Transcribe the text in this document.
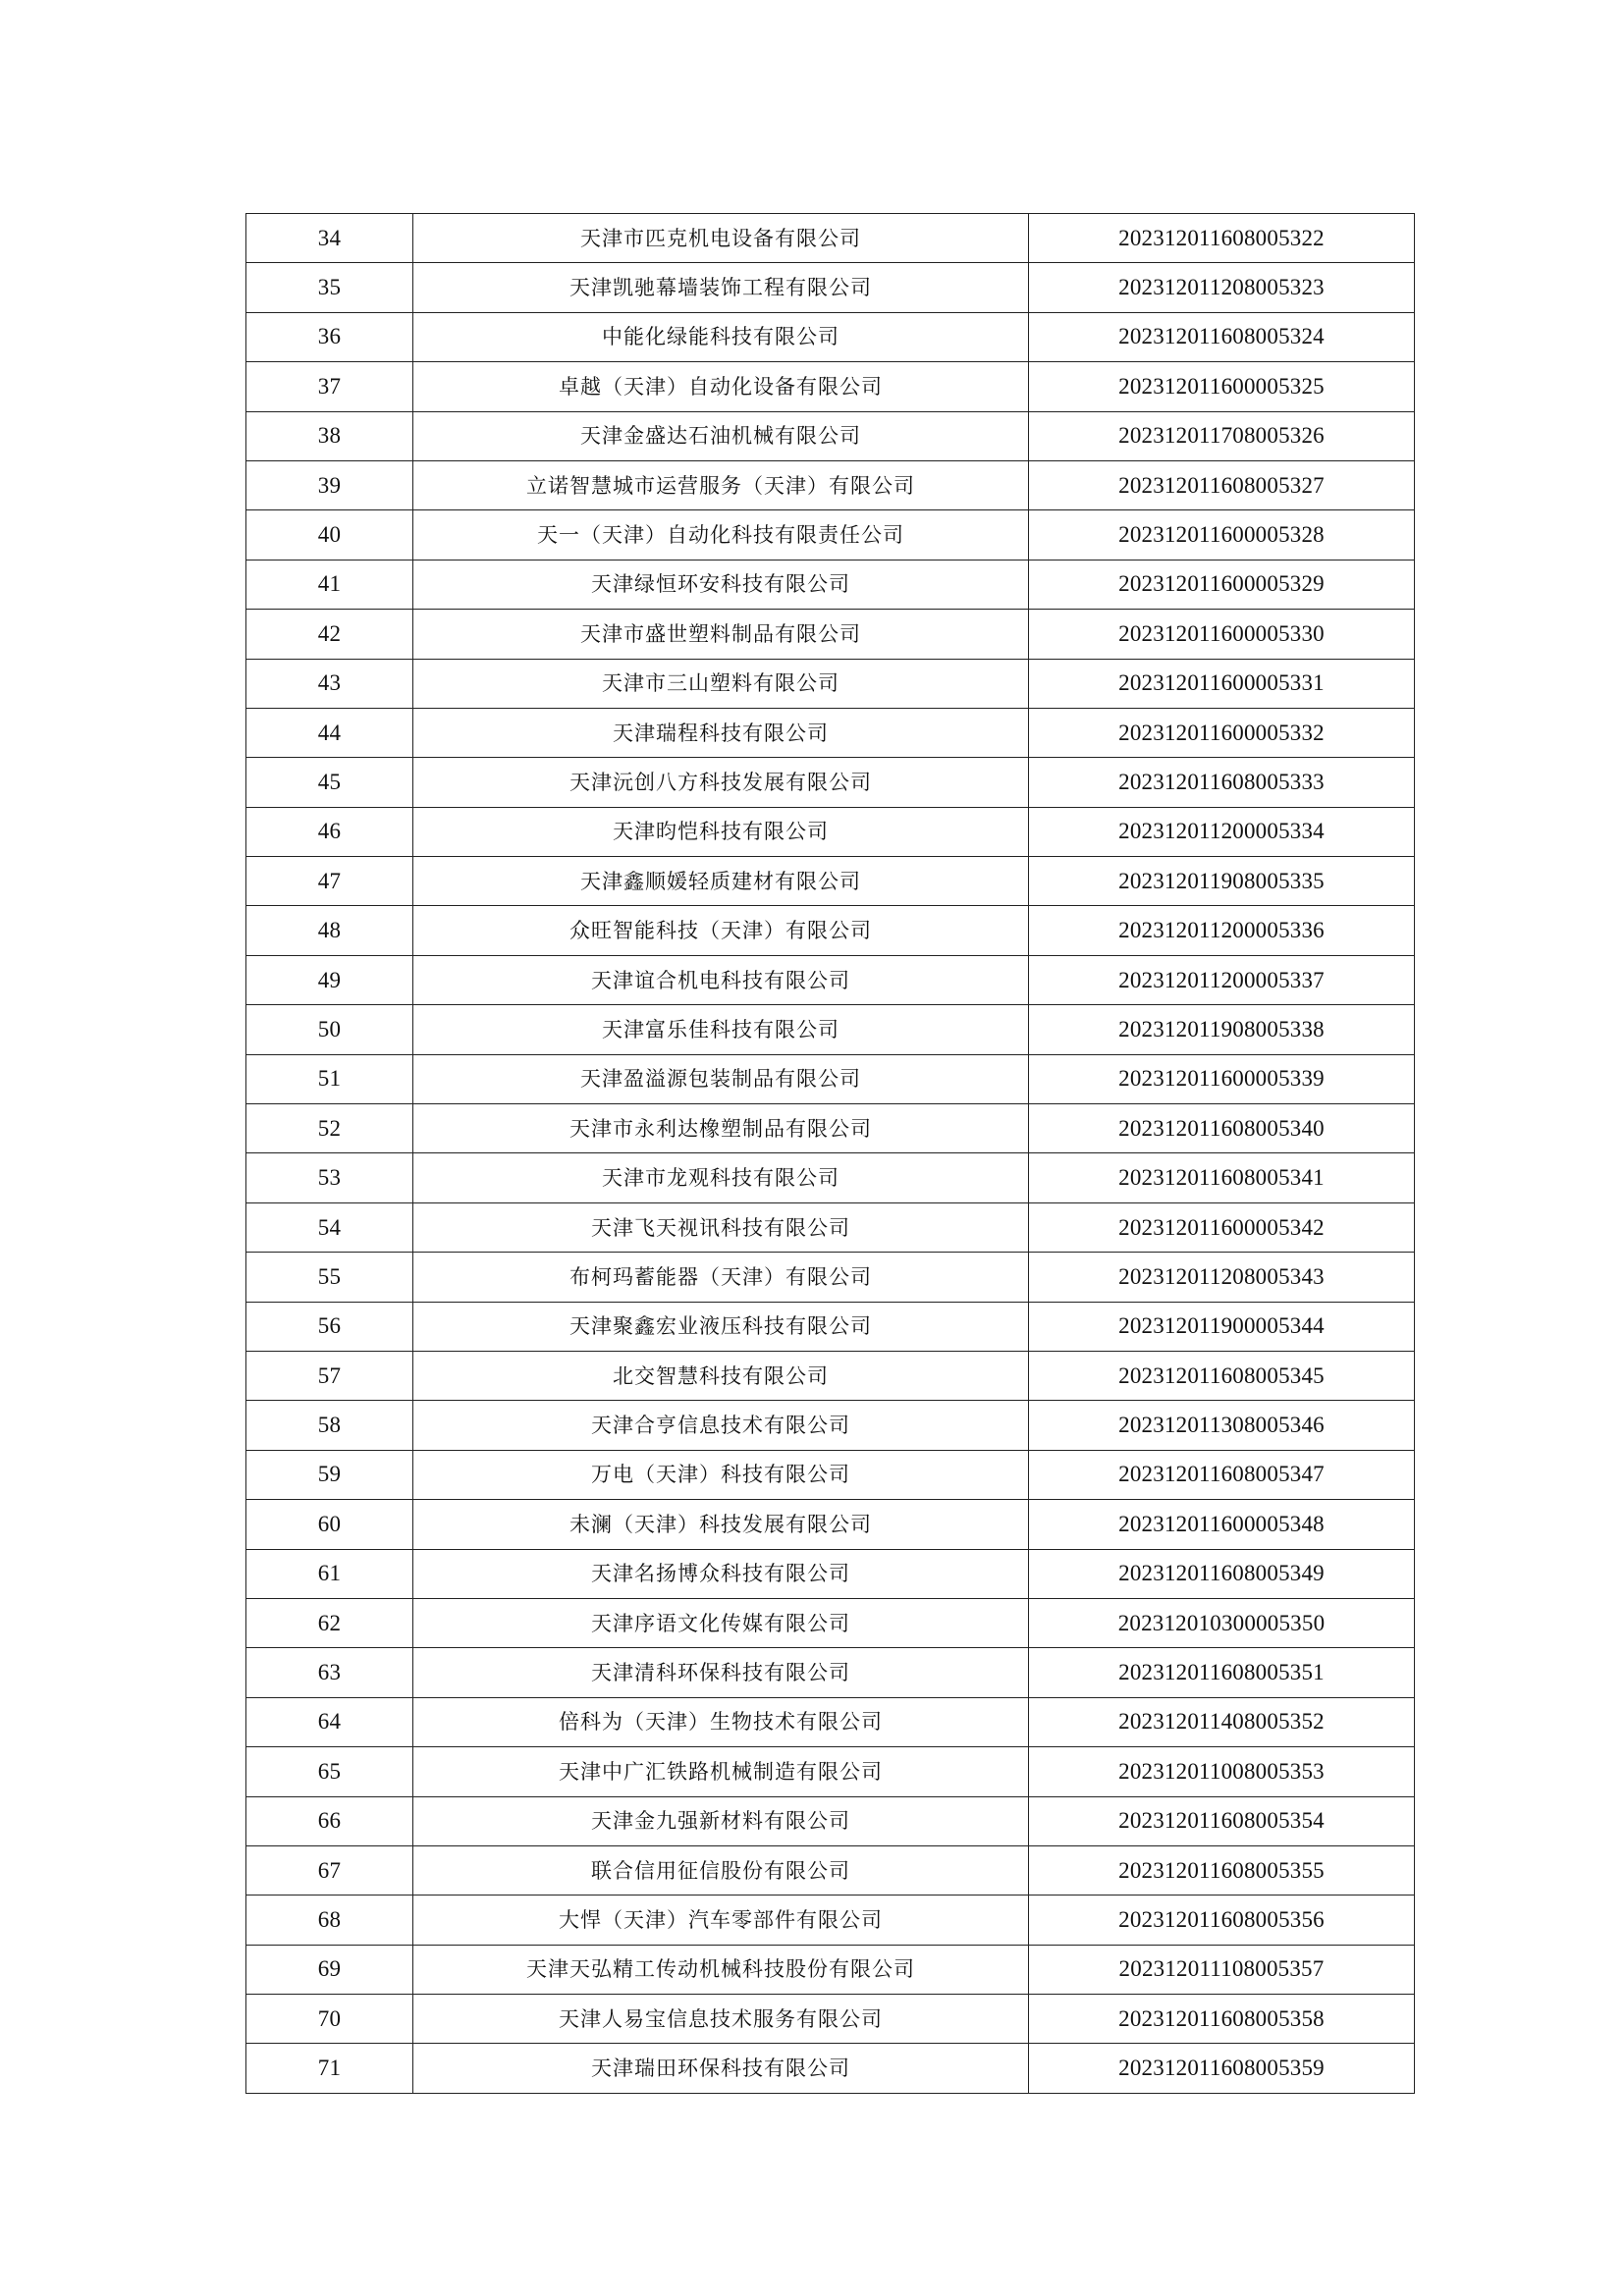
34	天津市匹克机电设备有限公司	202312011608005322
35	天津凯驰幕墙装饰工程有限公司	202312011208005323
36	中能化绿能科技有限公司	202312011608005324
37	卓越（天津）自动化设备有限公司	202312011600005325
38	天津金盛达石油机械有限公司	202312011708005326
39	立诺智慧城市运营服务（天津）有限公司	202312011608005327
40	天一（天津）自动化科技有限责任公司	202312011600005328
41	天津绿恒环安科技有限公司	202312011600005329
42	天津市盛世塑料制品有限公司	202312011600005330
43	天津市三山塑料有限公司	202312011600005331
44	天津瑞程科技有限公司	202312011600005332
45	天津沅创八方科技发展有限公司	202312011608005333
46	天津昀恺科技有限公司	202312011200005334
47	天津鑫顺媛轻质建材有限公司	202312011908005335
48	众旺智能科技（天津）有限公司	202312011200005336
49	天津谊合机电科技有限公司	202312011200005337
50	天津富乐佳科技有限公司	202312011908005338
51	天津盈溢源包装制品有限公司	202312011600005339
52	天津市永利达橡塑制品有限公司	202312011608005340
53	天津市龙观科技有限公司	202312011608005341
54	天津飞天视讯科技有限公司	202312011600005342
55	布柯玛蓄能器（天津）有限公司	202312011208005343
56	天津聚鑫宏业液压科技有限公司	202312011900005344
57	北交智慧科技有限公司	202312011608005345
58	天津合亨信息技术有限公司	202312011308005346
59	万电（天津）科技有限公司	202312011608005347
60	未澜（天津）科技发展有限公司	202312011600005348
61	天津名扬博众科技有限公司	202312011608005349
62	天津序语文化传媒有限公司	202312010300005350
63	天津清科环保科技有限公司	202312011608005351
64	倍科为（天津）生物技术有限公司	202312011408005352
65	天津中广汇铁路机械制造有限公司	202312011008005353
66	天津金九强新材料有限公司	202312011608005354
67	联合信用征信股份有限公司	202312011608005355
68	大悍（天津）汽车零部件有限公司	202312011608005356
69	天津天弘精工传动机械科技股份有限公司	202312011108005357
70	天津人易宝信息技术服务有限公司	202312011608005358
71	天津瑞田环保科技有限公司	202312011608005359
